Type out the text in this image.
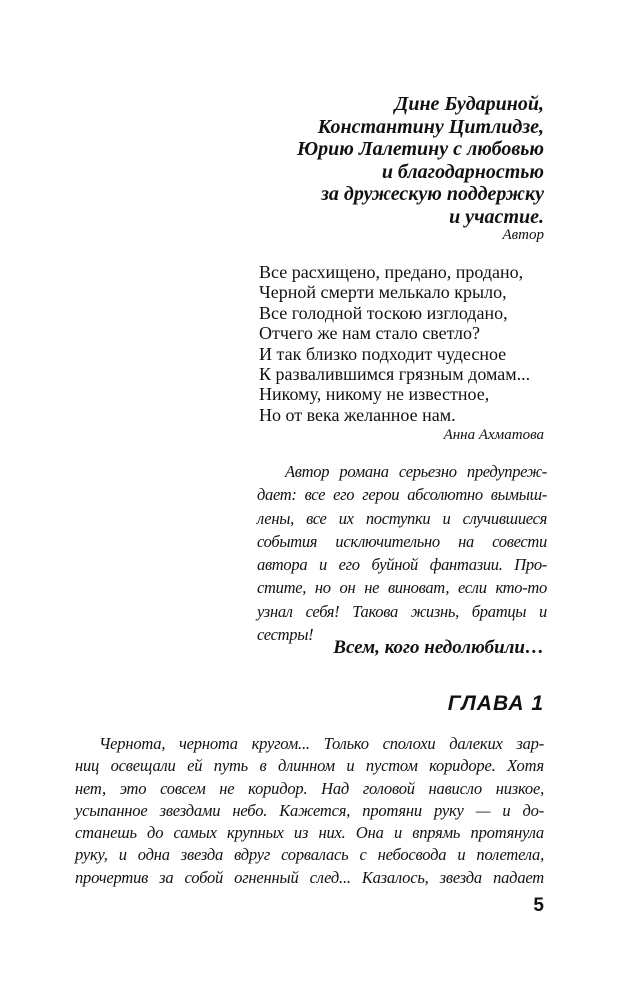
Дине Бударинoй,
Константину Цитлидзе,
Юрию Лалетину с любовью
и благодарностью
за дружескую поддержку
и участие.
Автор
Все расхищено, предано, продано,
Черной смерти мелькало крыло,
Все голодной тоскою изглодано,
Отчего же нам стало светло?
И так близко подходит чудесное
К развалившимся грязным домам...
Никому, никому не известное,
Но от века желанное нам.
Анна Ахматова
Автор романа серьезно предупреж-
дает: все его герои абсолютно вымыш-
лены, все их поступки и случившиеся
события исключительно на совести
автора и его буйной фантазии. Про-
стите, но он не виноват, если кто-то
узнал себя! Такова жизнь, братцы и
сестры!
Всем, кого недолюбили…
ГЛАВА 1
Чернота, чернота кругом... Только сполохи далеких зар-
ниц освещали ей путь в длинном и пустом коридоре. Хотя
нет, это совсем не коридор. Над головой нависло низкое,
усыпанное звездами небо. Кажется, протяни руку — и до-
станешь до самых крупных из них. Она и впрямь протянула
руку, и одна звезда вдруг сорвалась с небосвода и полетела,
прочертив за собой огненный след... Казалось, звезда падает
5
